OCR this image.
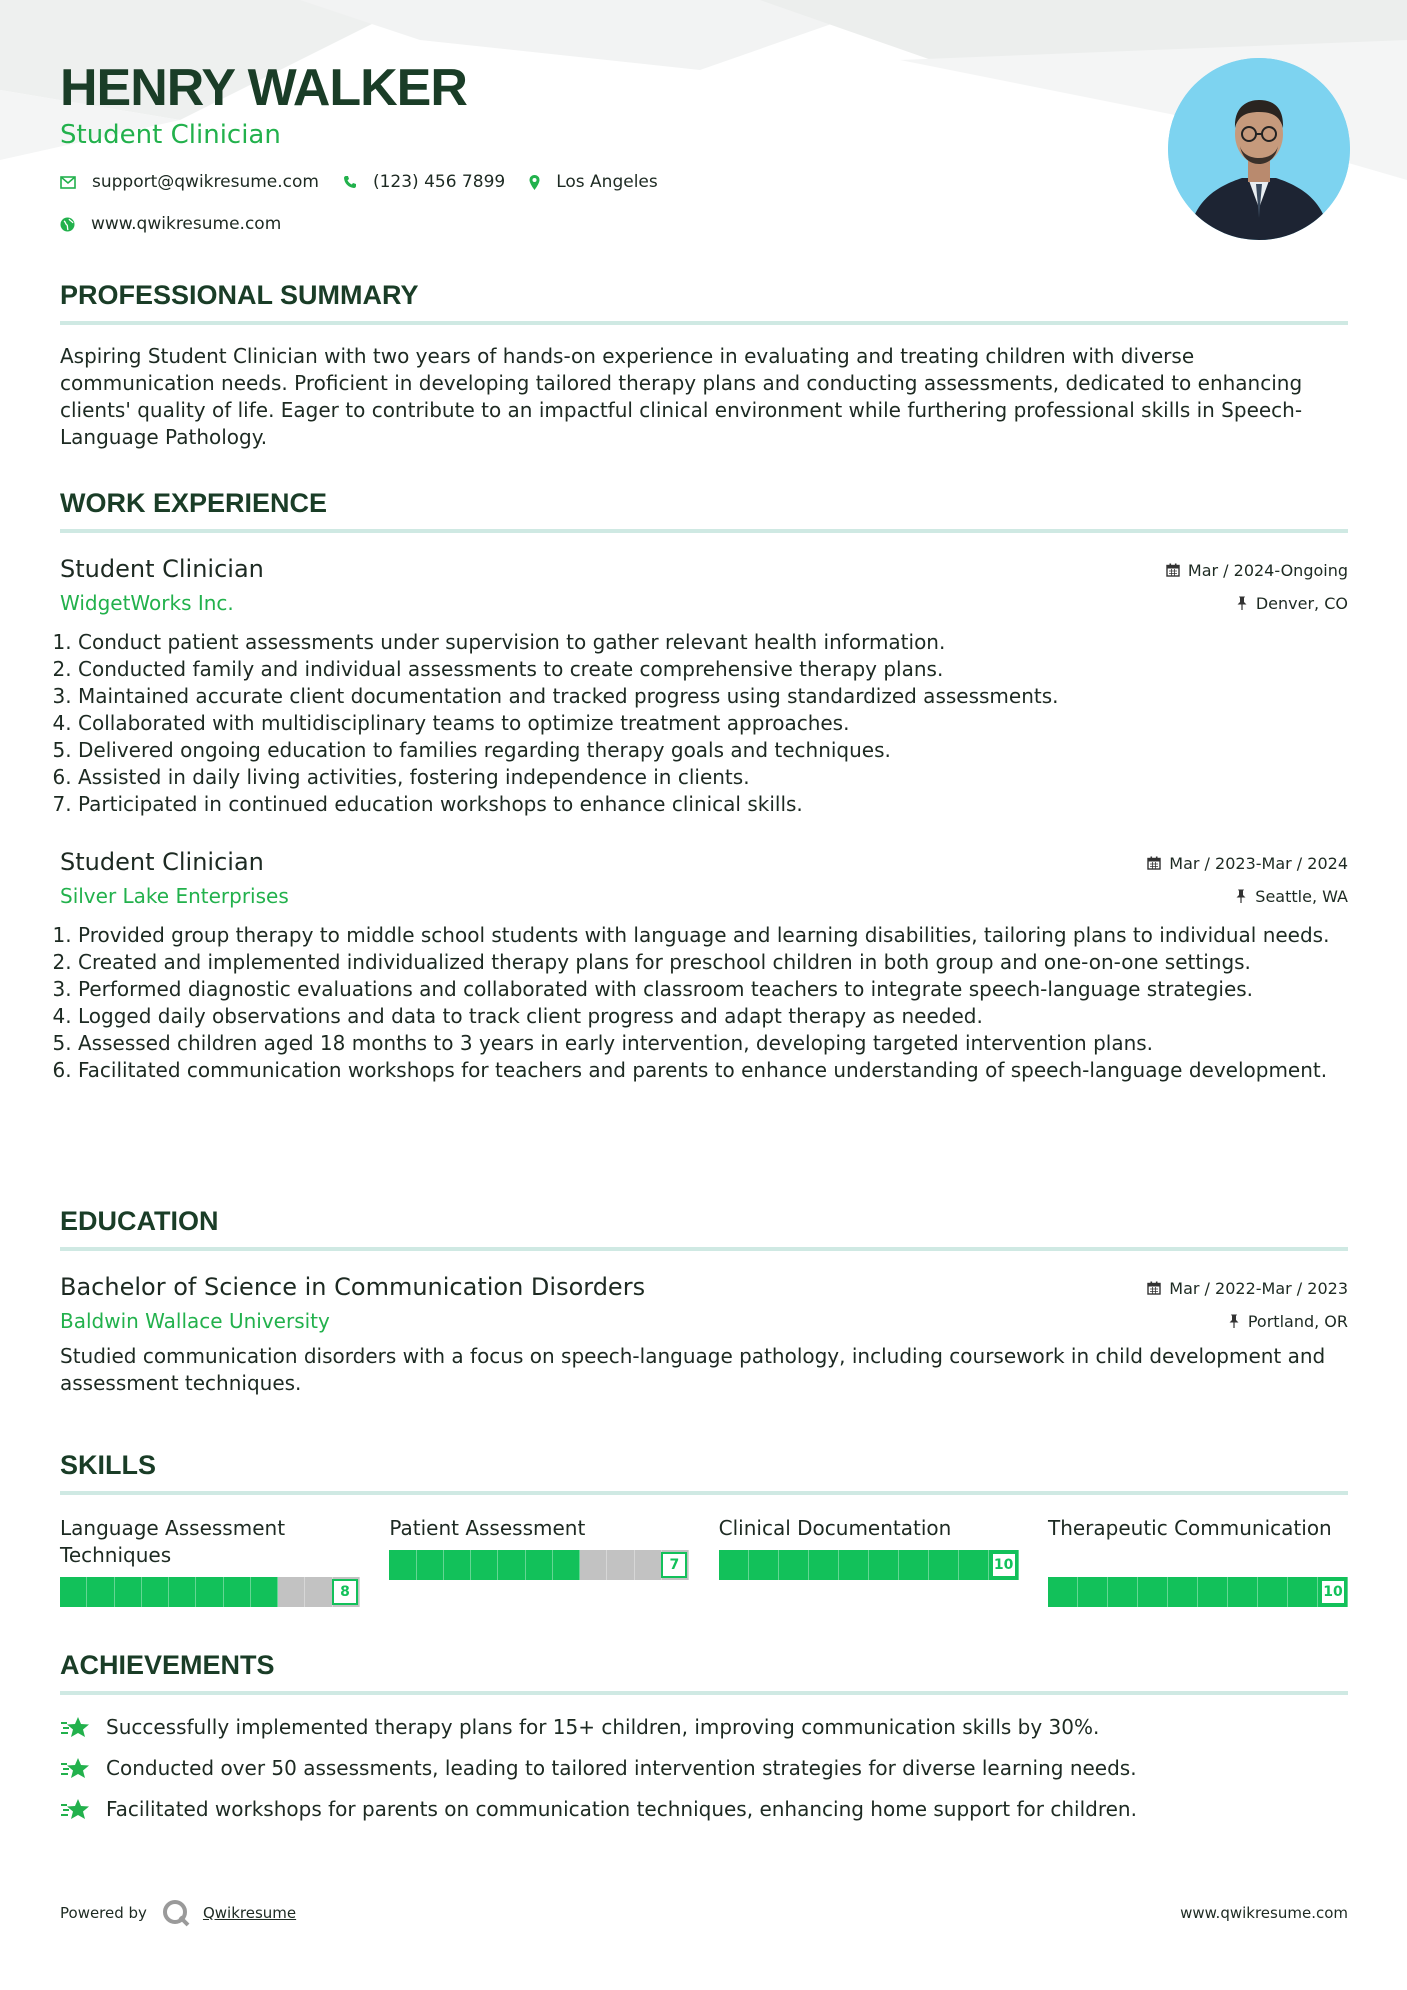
HENRY WALKER
Student Clinician
support@qwikresume.com	(123) 456 7899	Los Angeles
www.qwikresume.com
PROFESSIONAL SUMMARY
Aspiring Student Clinician with two years of hands-on experience in evaluating and treating children with diverse communication needs. Proficient in developing tailored therapy plans and conducting assessments, dedicated to enhancing clients' quality of life. Eager to contribute to an impactful clinical environment while furthering professional skills in Speech-Language Pathology.
WORK EXPERIENCE
Student Clinician
WidgetWorks Inc.
Mar / 2024-Ongoing
Denver, CO
1. Conduct patient assessments under supervision to gather relevant health information.
2. Conducted family and individual assessments to create comprehensive therapy plans.
3. Maintained accurate client documentation and tracked progress using standardized assessments.
4. Collaborated with multidisciplinary teams to optimize treatment approaches.
5. Delivered ongoing education to families regarding therapy goals and techniques.
6. Assisted in daily living activities, fostering independence in clients.
7. Participated in continued education workshops to enhance clinical skills.
Student Clinician
Silver Lake Enterprises
Mar / 2023-Mar / 2024
Seattle, WA
1. Provided group therapy to middle school students with language and learning disabilities, tailoring plans to individual needs.
2. Created and implemented individualized therapy plans for preschool children in both group and one-on-one settings.
3. Performed diagnostic evaluations and collaborated with classroom teachers to integrate speech-language strategies.
4. Logged daily observations and data to track client progress and adapt therapy as needed.
5. Assessed children aged 18 months to 3 years in early intervention, developing targeted intervention plans.
6. Facilitated communication workshops for teachers and parents to enhance understanding of speech-language development.
EDUCATION
Bachelor of Science in Communication Disorders
Baldwin Wallace University
Mar / 2022-Mar / 2023
Portland, OR
Studied communication disorders with a focus on speech-language pathology, including coursework in child development and assessment techniques.
SKILLS
Language Assessment Techniques
8
Patient Assessment
7
Clinical Documentation
10
Therapeutic Communication
10
ACHIEVEMENTS
Successfully implemented therapy plans for 15+ children, improving communication skills by 30%.
Conducted over 50 assessments, leading to tailored intervention strategies for diverse learning needs.
Facilitated workshops for parents on communication techniques, enhancing home support for children.
Powered by	Qwikresume	www.qwikresume.com
